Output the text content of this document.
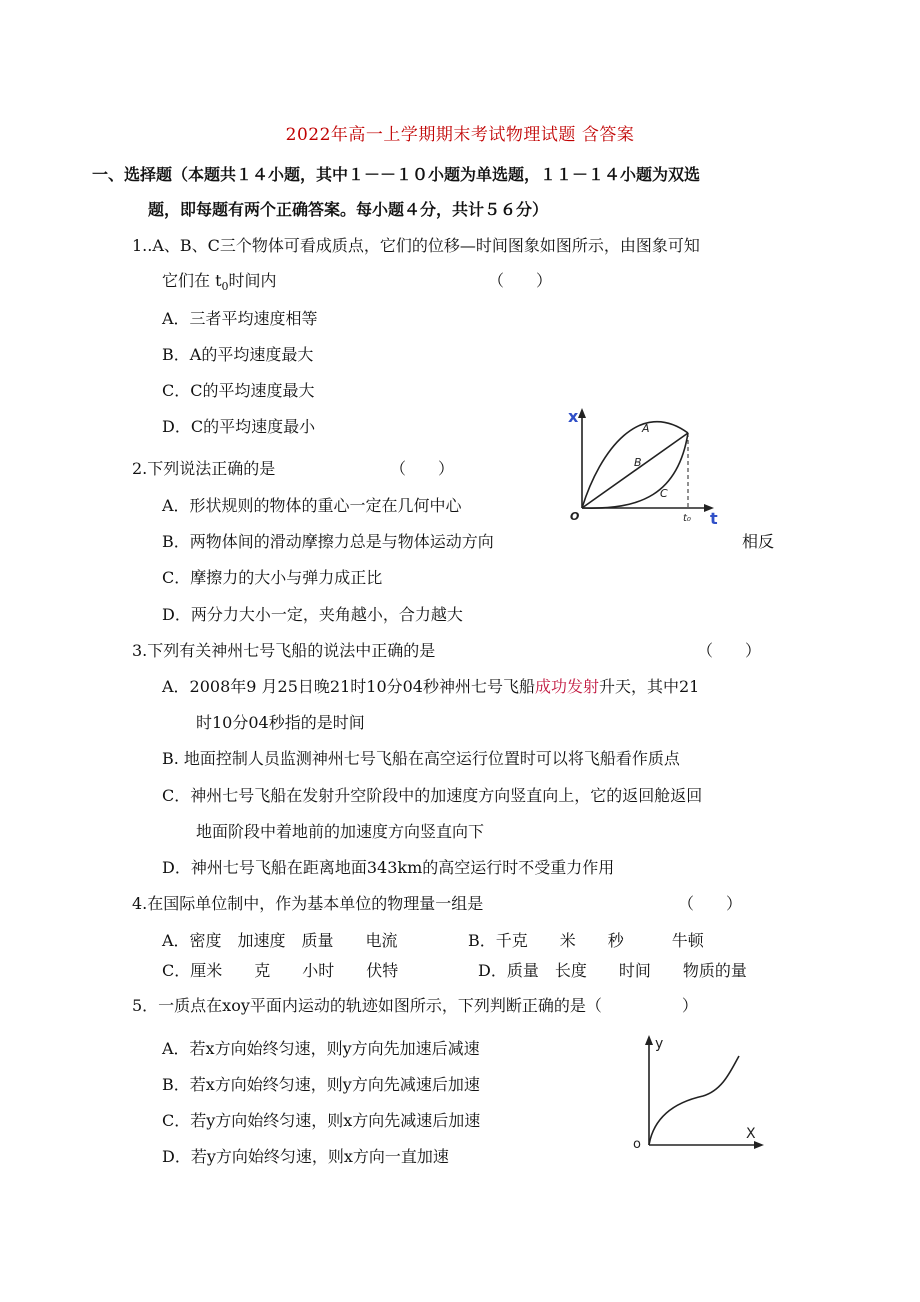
2022年高一上学期期末考试物理试题 含答案
一、选择题（本题共１４小题，其中１－－１０小题为单选题，１１－１４小题为双选
题，即每题有两个正确答案。每小题４分，共计５６分）
1..A、B、C三个物体可看成质点，它们的位移—时间图象如图所示，由图象可知
它们在 $t_0$时间内	（　　）
A．三者平均速度相等
B．A的平均速度最大
C．C的平均速度最大
D．C的平均速度最小
x
t
O	t₀
A
B
C
2.下列说法正确的是	（　　）
A．形状规则的物体的重心一定在几何中心
B．两物体间的滑动摩擦力总是与物体运动方向	相反
C．摩擦力的大小与弹力成正比
D．两分力大小一定，夹角越小，合力越大
3.下列有关神州七号飞船的说法中正确的是	（　　）
A．2008年9 月25日晚21时10分04秒神州七号飞船成功发射升天，其中21
时10分04秒指的是时间
B. 地面控制人员监测神州七号飞船在高空运行位置时可以将飞船看作质点
C．神州七号飞船在发射升空阶段中的加速度方向竖直向上，它的返回舱返回
地面阶段中着地前的加速度方向竖直向下
D．神州七号飞船在距离地面343km的高空运行时不受重力作用
4.在国际单位制中，作为基本单位的物理量一组是	（　　）
A．密度　加速度　质量　　电流	B．千克　　米　　秒　　　牛顿
C．厘米　　克　　小时　　伏特	D．质量　长度　　时间　　物质的量
5．一质点在xoy平面内运动的轨迹如图所示，下列判断正确的是（　　　　　）
A．若x方向始终匀速，则y方向先加速后减速
B．若x方向始终匀速，则y方向先减速后加速
C．若y方向始终匀速，则x方向先减速后加速
D．若y方向始终匀速，则x方向一直加速
y
X
o
